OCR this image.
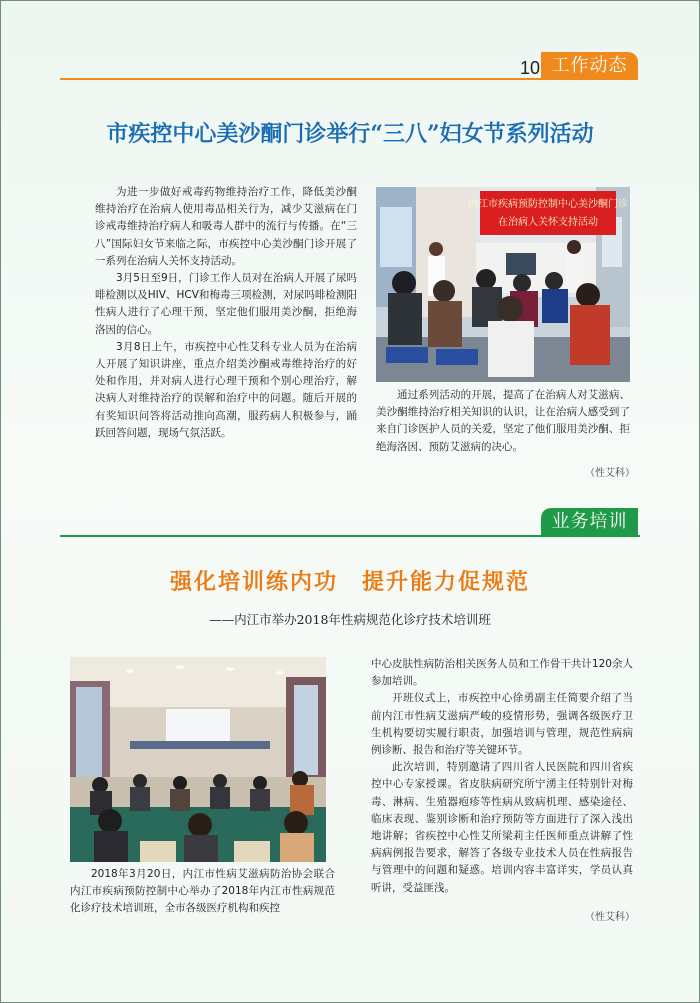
10 工作动态
市疾控中心美沙酮门诊举行“三八”妇女节系列活动

为进一步做好戒毒药物维持治疗工作，降低美沙酮维持治疗在治病人使用毒品相关行为，减少艾滋病在门诊戒毒维持治疗病人和吸毒人群中的流行与传播。在“三八”国际妇女节来临之际，市疾控中心美沙酮门诊开展了一系列在治病人关怀支持活动。

3月5日至9日，门诊工作人员对在治病人开展了尿吗啡检测以及HIV、HCV和梅毒三项检测，对尿吗啡检测阳性病人进行了心理干预，坚定他们服用美沙酮，拒绝海洛因的信心。

3月8日上午，市疾控中心性艾科专业人员为在治病人开展了知识讲座，重点介绍美沙酮戒毒维持治疗的好处和作用，并对病人进行心理干预和个别心理治疗，解决病人对维持治疗的误解和治疗中的问题。随后开展的有奖知识问答将活动推向高潮，服药病人积极参与，踊跃回答问题，现场气氛活跃。

内江市疾病预防控制中心美沙酮门诊
在治病人关怀支持活动

通过系列活动的开展，提高了在治病人对艾滋病、美沙酮维持治疗相关知识的认识，让在治病人感受到了来自门诊医护人员的关爱，坚定了他们服用美沙酮、拒绝海洛因、预防艾滋病的决心。

（性艾科）
业务培训
强化培训练内功　提升能力促规范
——内江市举办2018年性病规范化诊疗技术培训班

2018年3月20日，内江市性病艾滋病防治协会联合内江市疾病预防控制中心举办了2018年内江市性病规范化诊疗技术培训班，全市各级医疗机构和疾控

中心皮肤性病防治相关医务人员和工作骨干共计120余人参加培训。

开班仪式上，市疾控中心徐勇副主任简要介绍了当前内江市性病艾滋病严峻的疫情形势，强调各级医疗卫生机构要切实履行职责，加强培训与管理，规范性病病例诊断、报告和治疗等关键环节。

此次培训，特别邀请了四川省人民医院和四川省疾控中心专家授课。省皮肤病研究所宁湧主任特别针对梅毒、淋病、生殖器疱疹等性病从致病机理、感染途径、临床表现、鉴别诊断和治疗预防等方面进行了深入浅出地讲解；省疾控中心性艾所梁莉主任医师重点讲解了性病病例报告要求，解答了各级专业技术人员在性病报告与管理中的问题和疑惑。培训内容丰富详实，学员认真听讲，受益匪浅。

（性艾科）
